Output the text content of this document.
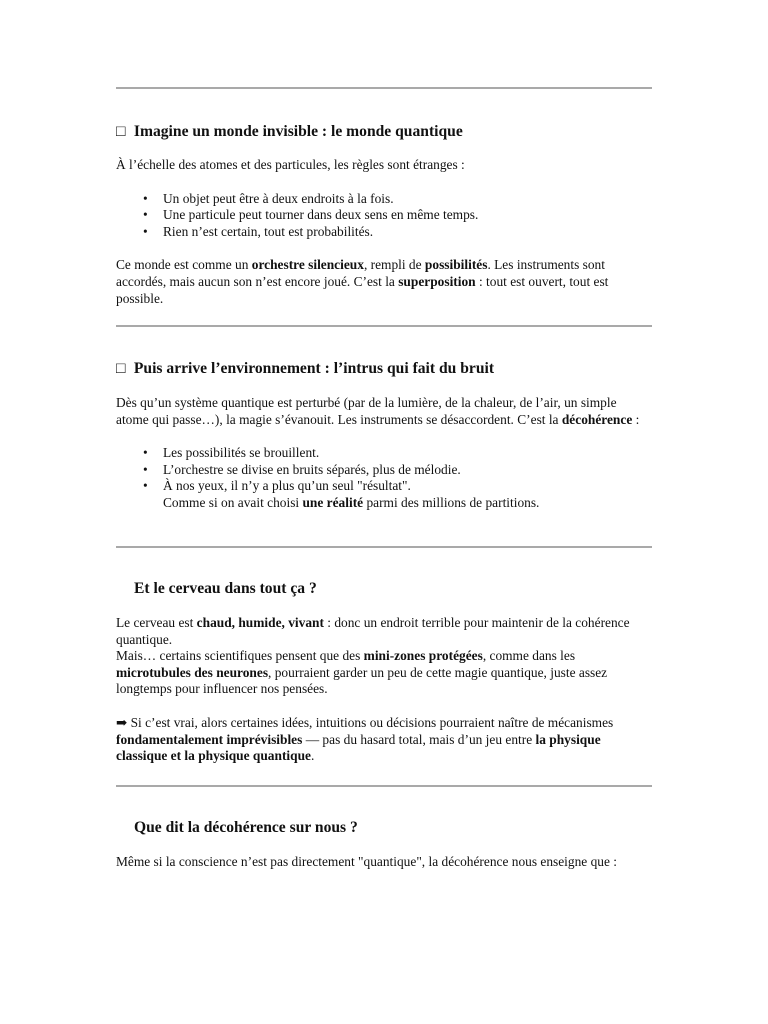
□ Imagine un monde invisible : le monde quantique

À l’échelle des atomes et des particules, les règles sont étranges :

• Un objet peut être à deux endroits à la fois.
• Une particule peut tourner dans deux sens en même temps.
• Rien n’est certain, tout est probabilités.

Ce monde est comme un orchestre silencieux, rempli de possibilités. Les instruments sont accordés, mais aucun son n’est encore joué. C’est la superposition : tout est ouvert, tout est possible.

□ Puis arrive l’environnement : l’intrus qui fait du bruit

Dès qu’un système quantique est perturbé (par de la lumière, de la chaleur, de l’air, un simple atome qui passe…), la magie s’évanouit. Les instruments se désaccordent. C’est la décohérence :

• Les possibilités se brouillent.
• L’orchestre se divise en bruits séparés, plus de mélodie.
• À nos yeux, il n’y a plus qu’un seul "résultat".
Comme si on avait choisi une réalité parmi des millions de partitions.
Et le cerveau dans tout ça ?

Le cerveau est chaud, humide, vivant : donc un endroit terrible pour maintenir de la cohérence quantique.

Mais… certains scientifiques pensent que des mini-zones protégées, comme dans les microtubules des neurones, pourraient garder un peu de cette magie quantique, juste assez longtemps pour influencer nos pensées.

➡ Si c’est vrai, alors certaines idées, intuitions ou décisions pourraient naître de mécanismes fondamentalement imprévisibles — pas du hasard total, mais d’un jeu entre la physique classique et la physique quantique.

Que dit la décohérence sur nous ?

Même si la conscience n’est pas directement "quantique", la décohérence nous enseigne que :
